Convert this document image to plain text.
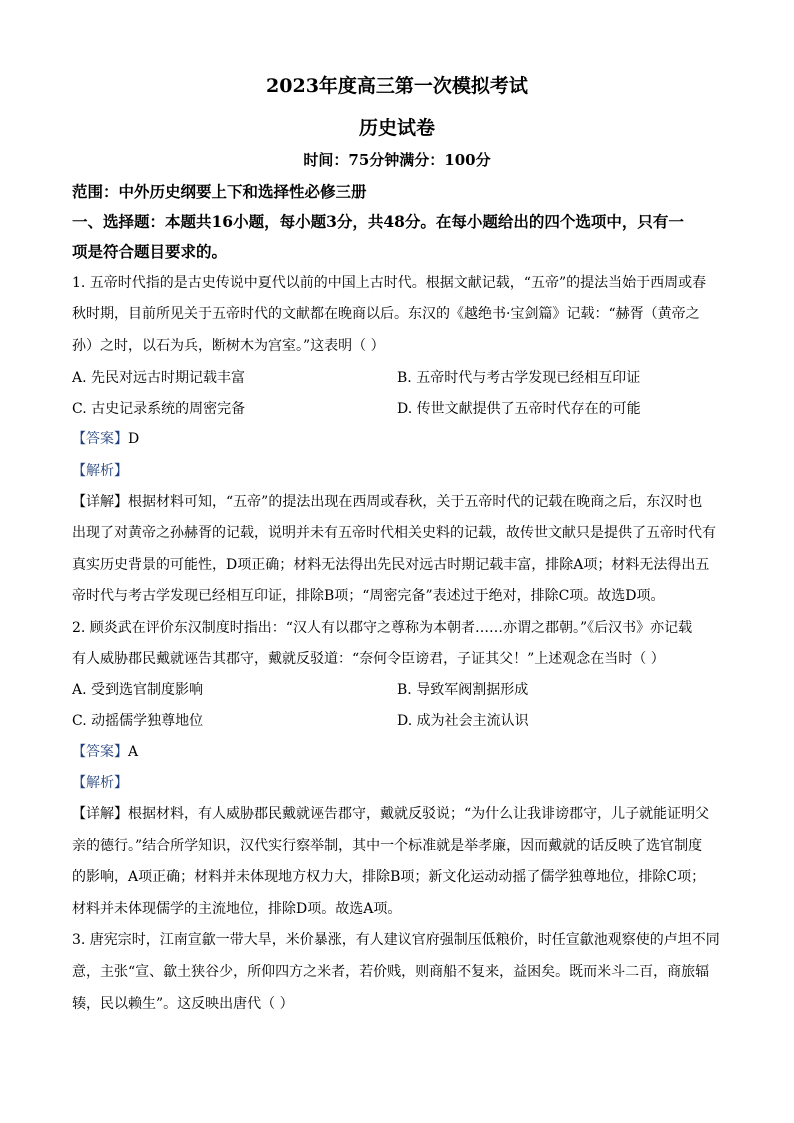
2023年度高三第一次模拟考试
历史试卷
时间：75分钟满分：100分
范围：中外历史纲要上下和选择性必修三册
一、选择题：本题共16小题，每小题3分，共48分。在每小题给出的四个选项中，只有一
项是符合题目要求的。
1. 五帝时代指的是古史传说中夏代以前的中国上古时代。根据文献记载，“五帝”的提法当始于西周或春
秋时期，目前所见关于五帝时代的文献都在晚商以后。东汉的《越绝书·宝剑篇》记载：“赫胥（黄帝之
孙）之时，以石为兵，断树木为宫室。”这表明（ ）
A. 先民对远古时期记载丰富	B. 五帝时代与考古学发现已经相互印证
C. 古史记录系统的周密完备	D. 传世文献提供了五帝时代存在的可能
【答案】D
【解析】
【详解】根据材料可知，“五帝”的提法出现在西周或春秋，关于五帝时代的记载在晚商之后，东汉时也
出现了对黄帝之孙赫胥的记载，说明并未有五帝时代相关史料的记载，故传世文献只是提供了五帝时代有
真实历史背景的可能性，D项正确；材料无法得出先民对远古时期记载丰富，排除A项；材料无法得出五
帝时代与考古学发现已经相互印证，排除B项；“周密完备”表述过于绝对，排除C项。故选D项。
2. 顾炎武在评价东汉制度时指出：“汉人有以郡守之尊称为本朝者……亦谓之郡朝。”《后汉书》亦记载
有人威胁郡民戴就诬告其郡守，戴就反驳道：“奈何令臣谤君，子证其父！”上述观念在当时（ ）
A. 受到选官制度影响	B. 导致军阀割据形成
C. 动摇儒学独尊地位	D. 成为社会主流认识
【答案】A
【解析】
【详解】根据材料，有人威胁郡民戴就诬告郡守，戴就反驳说；“为什么让我诽谤郡守，儿子就能证明父
亲的德行。”结合所学知识，汉代实行察举制，其中一个标准就是举孝廉，因而戴就的话反映了选官制度
的影响，A项正确；材料并未体现地方权力大，排除B项；新文化运动动摇了儒学独尊地位，排除C项；
材料并未体现儒学的主流地位，排除D项。故选A项。
3. 唐宪宗时，江南宣歙一带大旱，米价暴涨，有人建议官府强制压低粮价，时任宣歙池观察使的卢坦不同
意，主张“宣、歙土狭谷少，所仰四方之米者，若价贱，则商船不复来，益困矣。既而米斗二百，商旅辐
辏，民以赖生”。这反映出唐代（ ）
